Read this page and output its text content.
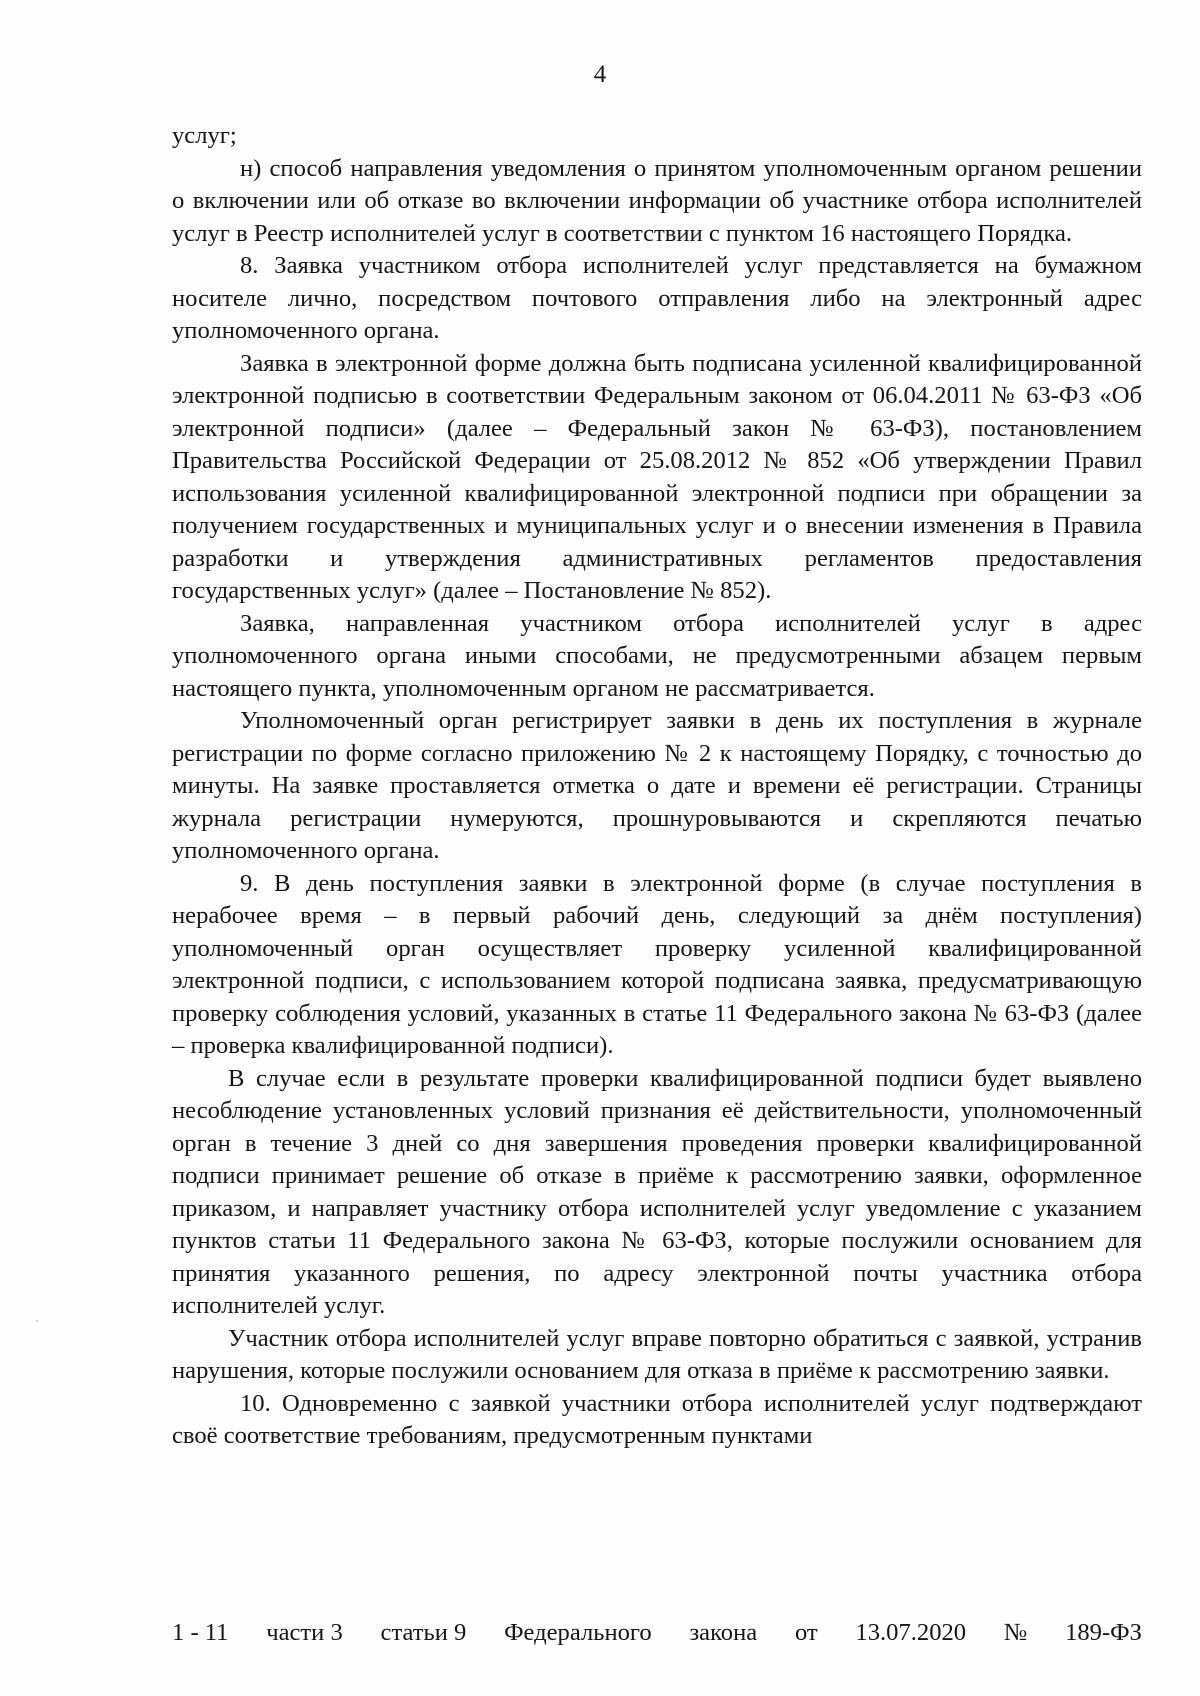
4

услуг;

н) способ направления уведомления о принятом уполномоченным органом решении о включении или об отказе во включении информации об участнике отбора исполнителей услуг в Реестр исполнителей услуг в соответствии с пунктом 16 настоящего Порядка.

8. Заявка участником отбора исполнителей услуг представляется на бумажном носителе лично, посредством почтового отправления либо на электронный адрес уполномоченного органа.

Заявка в электронной форме должна быть подписана усиленной квалифицированной электронной подписью в соответствии Федеральным законом от 06.04.2011 № 63-ФЗ «Об электронной подписи» (далее – Федеральный закон № 63-ФЗ), постановлением Правительства Российской Федерации от 25.08.2012 № 852 «Об утверждении Правил использования усиленной квалифицированной электронной подписи при обращении за получением государственных и муниципальных услуг и о внесении изменения в Правила разработки и утверждения административных регламентов предоставления государственных услуг» (далее – Постановление № 852).

Заявка, направленная участником отбора исполнителей услуг в адрес уполномоченного органа иными способами, не предусмотренными абзацем первым настоящего пункта, уполномоченным органом не рассматривается.

Уполномоченный орган регистрирует заявки в день их поступления в журнале регистрации по форме согласно приложению № 2 к настоящему Порядку, с точностью до минуты. На заявке проставляется отметка о дате и времени её регистрации. Страницы журнала регистрации нумеруются, прошнуровываются и скрепляются печатью уполномоченного органа.

9. В день поступления заявки в электронной форме (в случае поступления в нерабочее время – в первый рабочий день, следующий за днём поступления) уполномоченный орган осуществляет проверку усиленной квалифицированной электронной подписи, с использованием которой подписана заявка, предусматривающую проверку соблюдения условий, указанных в статье 11 Федерального закона № 63-ФЗ (далее – проверка квалифицированной подписи).

В случае если в результате проверки квалифицированной подписи будет выявлено несоблюдение установленных условий признания её действительности, уполномоченный орган в течение 3 дней со дня завершения проведения проверки квалифицированной подписи принимает решение об отказе в приёме к рассмотрению заявки, оформленное приказом, и направляет участнику отбора исполнителей услуг уведомление с указанием пунктов статьи 11 Федерального закона № 63-ФЗ, которые послужили основанием для принятия указанного решения, по адресу электронной почты участника отбора исполнителей услуг.

Участник отбора исполнителей услуг вправе повторно обратиться с заявкой, устранив нарушения, которые послужили основанием для отказа в приёме к рассмотрению заявки.

10. Одновременно с заявкой участники отбора исполнителей услуг подтверждают своё соответствие требованиям, предусмотренным пунктами

1 - 11 части 3 статьи 9 Федерального закона от 13.07.2020 № 189-ФЗ
